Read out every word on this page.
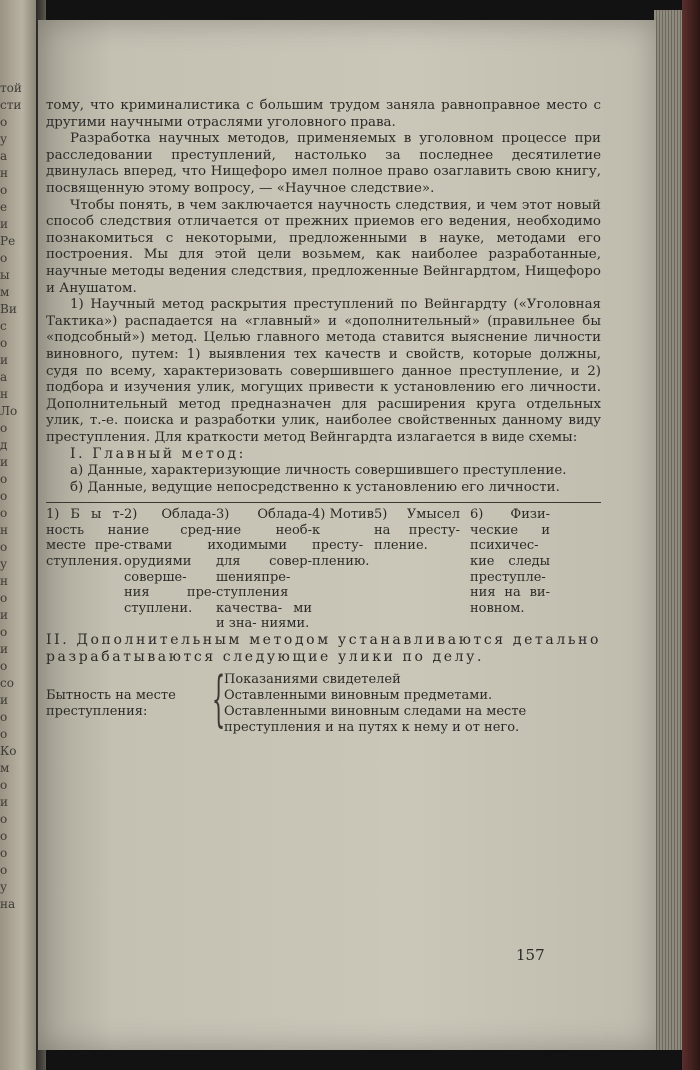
той
сти
о
у
а
н
о
е
и
Ре
о
ы
м
Ви
с
о
и
а
н
Ло
о
д
и
о
о
о
н
о
у
н
о
и
о
и
о
со
и
о
о
Ко
м
о
и
о
о
о
о
у
на

тому, что криминалистика с большим трудом заняла равноправное место с другими научными отраслями уголовного права.

Разработка научных методов, применяемых в уголовном процессе при расследовании преступлений, настолько за последнее десятилетие двинулась вперед, что Нищефоро имел полное право озаглавить свою книгу, посвященную этому вопросу, — «Научное следствие».

Чтобы понять, в чем заключается научность следствия, и чем этот новый способ следствия отличается от прежних приемов его ведения, необходимо познакомиться с некоторыми, предложенными в науке, методами его построения. Мы для этой цели возьмем, как наиболее разработанные, научные методы ведения следствия, предложенные Вейнгардтом, Нищефоро и Анушатом.

1) Научный метод раскрытия преступлений по Вейнгардту («Уголовная Тактика») распадается на «главный» и «дополнительный» (правильнее бы «подсобный») метод. Целью главного метода ставится выяснение личности виновного, путем: 1) выявления тех качеств и свойств, которые должны, судя по всему, характеризовать совершившего данное преступление, и 2) подбора и изучения улик, могущих привести к установлению его личности. Дополнительный метод предназначен для расширения круга отдельных улик, т.-е. поиска и разработки улик, наиболее свойственных данному виду преступления. Для краткости метод Вейнгардта излагается в виде схемы:

I. Главный метод:

а) Данные, характеризующие личность совершившего преступление.

б) Данные, ведущие непосредственно к установлению его личности.

1) Б ы т- ность на месте пре- ступления.
2) Облада- ние сред- ствами и орудиями соверше- ния пре- ступлени.
3) Облада- ние необ- ходимыми для совер- шенияпре- ступления качества- ми и зна- ниями.
4) Мотив к престу- плению.
5) Умысел на престу- пление.
6) Физи- ческие и психичес- кие следы преступле- ния на ви- новном.

II. Дополнительным методом устанавливаются детально разрабатываются следующие улики по делу.

Бытность на месте преступления:	{
Показаниями свидетелей
Оставленными виновным предметами.
Оставленными виновным следами на месте преступления и на путях к нему и от него.
157
